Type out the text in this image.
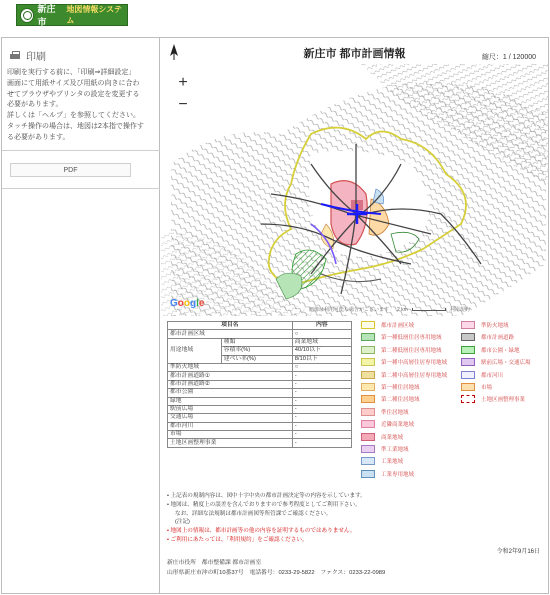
新庄市
地図情報システム
印刷

印刷を実行する前に、「印刷⇒詳細設定」

画面にて用紙サイズ及び用紙の向きに合わ

せてブラウザやプリンタの設定を変更する

必要があります。

詳しくは「ヘルプ」を参照してください。

タッチ操作の場合は、地図は2本指で操作す

る必要があります。

PDF
新庄市 都市計画情報	縮尺：1 / 120000
+
−
Google
画像は利用可能な場合がございます 2 km	利用規約
項目名		内容
都市計画区域		○
用途地域	種類	商業地域
	容積率(%)	40/10以下
	建ぺい率(%)	8/10以下
準防火地域		○
都市計画道路①		-
都市計画道路②		-
都市公園		-
緑地		-
駅前広場		-
交通広場		-
都市河川		-
市場		-
土地区画整理事業		-
都市計画区域
第一種低層住居専用地域
第二種低層住居専用地域
第一種中高層住居専用地域
第二種中高層住居専用地域
第一種住居地域
第二種住居地域
準住居地域
近隣商業地域
商業地域
準工業地域
工業地域
工業専用地域
準防火地域
都市計画道路
都市公園・緑地
駅前広場・交通広場
都市河川
市場
土地区画整理事業
• 上記表の規制内容は、図中十字中央の都市計画決定等の内容を示しています。
• 地図は、精度上の誤差を含んでおりますので参考程度としてご利用下さい。
なお、詳細な法規制は都市計画図等所管課でご確認ください。
(注記)
• 地図上の情報は、都市計画等の他の内容を証明するものではありません。
• ご利用にあたっては、「利用規約」をご確認ください。
令和2年9月16日
新庄市役所　都市整備課 都市計画室
山形県新庄市沖の町10番37号　電話番号：0233-29-5822　ファクス：0233-22-0989
